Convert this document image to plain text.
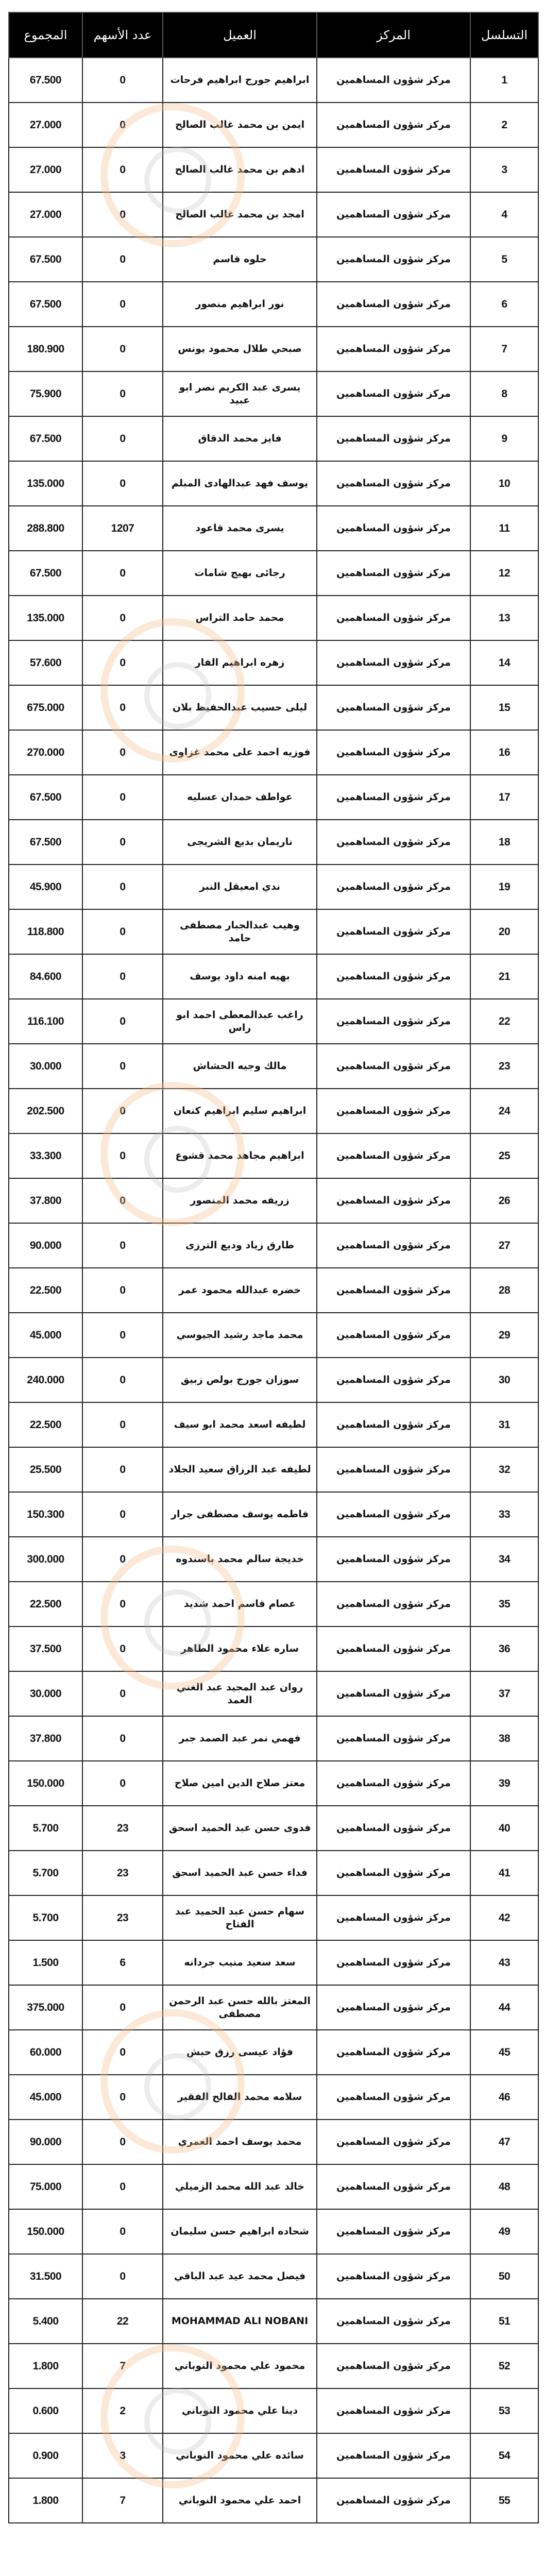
التسلسل	المركز	العميل	عدد الأسهم	المجموع
1	مركز شؤون المساهمين	ابراهيم جورج ابراهيم فرحات	0	67.500
2	مركز شؤون المساهمين	ايمن بن محمد غالب الصالح	0	27.000
3	مركز شؤون المساهمين	ادهم بن محمد غالب الصالح	0	27.000
4	مركز شؤون المساهمين	امجد بن محمد غالب الصالح	0	27.000
5	مركز شؤون المساهمين	حلوه قاسم	0	67.500
6	مركز شؤون المساهمين	نور ابراهيم منصور	0	67.500
7	مركز شؤون المساهمين	صبحي طلال محمود يونس	0	180.900
8	مركز شؤون المساهمين	يسرى عبد الكريم نصر ابو عبيد	0	75.900
9	مركز شؤون المساهمين	فايز محمد الدقاق	0	67.500
10	مركز شؤون المساهمين	يوسف فهد عبدالهادى المبلم	0	135.000
11	مركز شؤون المساهمين	يسرى محمد قاعود	1207	288.800
12	مركز شؤون المساهمين	رجائى بهيج شامات	0	67.500
13	مركز شؤون المساهمين	محمد حامد التراس	0	135.000
14	مركز شؤون المساهمين	زهره ابراهيم الفار	0	57.600
15	مركز شؤون المساهمين	ليلى حسيب عبدالحفيظ بلان	0	675.000
16	مركز شؤون المساهمين	فوزيه احمد على محمد غزاوى	0	270.000
17	مركز شؤون المساهمين	عواطف حمدان عسليه	0	67.500
18	مركز شؤون المساهمين	ناريمان بديع الشريجى	0	67.500
19	مركز شؤون المساهمين	ندي امعيقل النبر	0	45.900
20	مركز شؤون المساهمين	وهيب عبدالجبار مصطفى حامد	0	118.800
21	مركز شؤون المساهمين	بهيه امنه داود يوسف	0	84.600
22	مركز شؤون المساهمين	راغب عبدالمعطى احمد ابو راس	0	116.100
23	مركز شؤون المساهمين	مالك وجيه الحشاش	0	30.000
24	مركز شؤون المساهمين	ابراهيم سليم ابراهيم كنعان	0	202.500
25	مركز شؤون المساهمين	ابراهيم مجاهد محمد قشوع	0	33.300
26	مركز شؤون المساهمين	زريفه محمد المنصور	0	37.800
27	مركز شؤون المساهمين	طارق زياد وديع الترزى	0	90.000
28	مركز شؤون المساهمين	خضره عبدالله محمود عمر	0	22.500
29	مركز شؤون المساهمين	محمد ماجد رشيد الجيوسي	0	45.000
30	مركز شؤون المساهمين	سوزان جورج بولص زبيق	0	240.000
31	مركز شؤون المساهمين	لطيفه اسعد محمد ابو سيف	0	22.500
32	مركز شؤون المساهمين	لطيفه عبد الرزاق سعيد الجلاد	0	25.500
33	مركز شؤون المساهمين	فاطمه يوسف مصطفى جرار	0	150.300
34	مركز شؤون المساهمين	خديجة سالم محمد باسندوه	0	300.000
35	مركز شؤون المساهمين	عصام قاسم احمد شديد	0	22.500
36	مركز شؤون المساهمين	ساره علاء محمود الطاهر	0	37.500
37	مركز شؤون المساهمين	روان عبد المجيد عبد الغني العمد	0	30.000
38	مركز شؤون المساهمين	فهمي نمر عبد الصمد جبر	0	37.800
39	مركز شؤون المساهمين	معتز صلاح الدين امين صلاح	0	150.000
40	مركز شؤون المساهمين	فدوى حسن عبد الحميد اسحق	23	5.700
41	مركز شؤون المساهمين	فداء حسن عبد الحميد اسحق	23	5.700
42	مركز شؤون المساهمين	سهام حسن عبد الحميد عبد الفتاح	23	5.700
43	مركز شؤون المساهمين	سعد سعيد منيب جردانه	6	1.500
44	مركز شؤون المساهمين	المعتز بالله حسن عبد الرحمن مصطفى	0	375.000
45	مركز شؤون المساهمين	فؤاد عيسى رزق حبش	0	60.000
46	مركز شؤون المساهمين	سلامه محمد الفالح الفقير	0	45.000
47	مركز شؤون المساهمين	محمد يوسف احمد العمري	0	90.000
48	مركز شؤون المساهمين	خالد عبد الله محمد الزميلي	0	75.000
49	مركز شؤون المساهمين	شحاده ابراهيم حسن سليمان	0	150.000
50	مركز شؤون المساهمين	فيصل محمد عيد عبد الباقي	0	31.500
51	مركز شؤون المساهمين	MOHAMMAD ALI NOBANI	22	5.400
52	مركز شؤون المساهمين	محمود علي محمود النوباني	7	1.800
53	مركز شؤون المساهمين	دينا علي محمود النوباني	2	0.600
54	مركز شؤون المساهمين	سائده علي محمود النوباني	3	0.900
55	مركز شؤون المساهمين	احمد علي محمود النوباني	7	1.800
